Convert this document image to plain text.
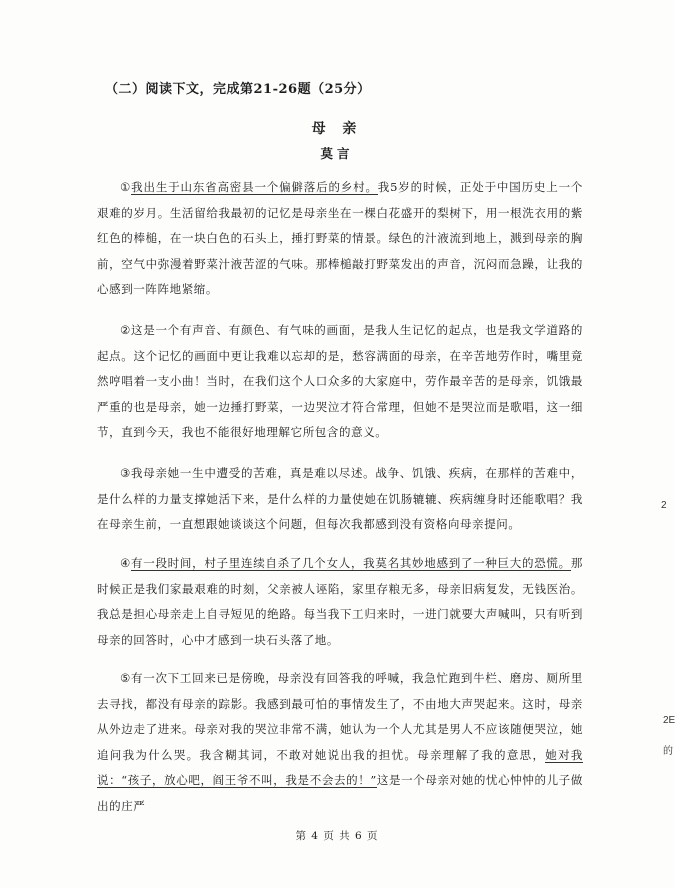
（二）阅读下文，完成第21-26题（25分）
母 亲
莫言

①我出生于山东省高密县一个偏僻落后的乡村。我5岁的时候，正处于中国历史上一个艰难的岁月。生活留给我最初的记忆是母亲坐在一棵白花盛开的梨树下，用一根洗衣用的紫红色的棒槌，在一块白色的石头上，捶打野菜的情景。绿色的汁液流到地上，溅到母亲的胸前，空气中弥漫着野菜汁液苦涩的气味。那棒槌敲打野菜发出的声音，沉闷而急躁，让我的心感到一阵阵地紧缩。

②这是一个有声音、有颜色、有气味的画面，是我人生记忆的起点，也是我文学道路的起点。这个记忆的画面中更让我难以忘却的是，愁容满面的母亲，在辛苦地劳作时，嘴里竟然哼唱着一支小曲！当时，在我们这个人口众多的大家庭中，劳作最辛苦的是母亲，饥饿最严重的也是母亲，她一边捶打野菜，一边哭泣才符合常理，但她不是哭泣而是歌唱，这一细节，直到今天，我也不能很好地理解它所包含的意义。

③我母亲她一生中遭受的苦难，真是难以尽述。战争、饥饿、疾病，在那样的苦难中，是什么样的力量支撑她活下来，是什么样的力量使她在饥肠辘辘、疾病缠身时还能歌唱？我在母亲生前，一直想跟她谈谈这个问题，但每次我都感到没有资格向母亲提问。

④有一段时间，村子里连续自杀了几个女人，我莫名其妙地感到了一种巨大的恐慌。那时候正是我们家最艰难的时刻，父亲被人诬陷，家里存粮无多，母亲旧病复发，无钱医治。我总是担心母亲走上自寻短见的绝路。每当我下工归来时，一进门就要大声喊叫，只有听到母亲的回答时，心中才感到一块石头落了地。

⑤有一次下工回来已是傍晚，母亲没有回答我的呼喊，我急忙跑到牛栏、磨房、厕所里去寻找，都没有母亲的踪影。我感到最可怕的事情发生了，不由地大声哭起来。这时，母亲从外边走了进来。母亲对我的哭泣非常不满，她认为一个人尤其是男人不应该随便哭泣，她追问我为什么哭。我含糊其词，不敢对她说出我的担忧。母亲理解了我的意思，她对我说：“孩子，放心吧，阎王爷不叫，我是不会去的！”这是一个母亲对她的忧心忡忡的儿子做出的庄严

第 4 页 共 6 页
2
2E
的
